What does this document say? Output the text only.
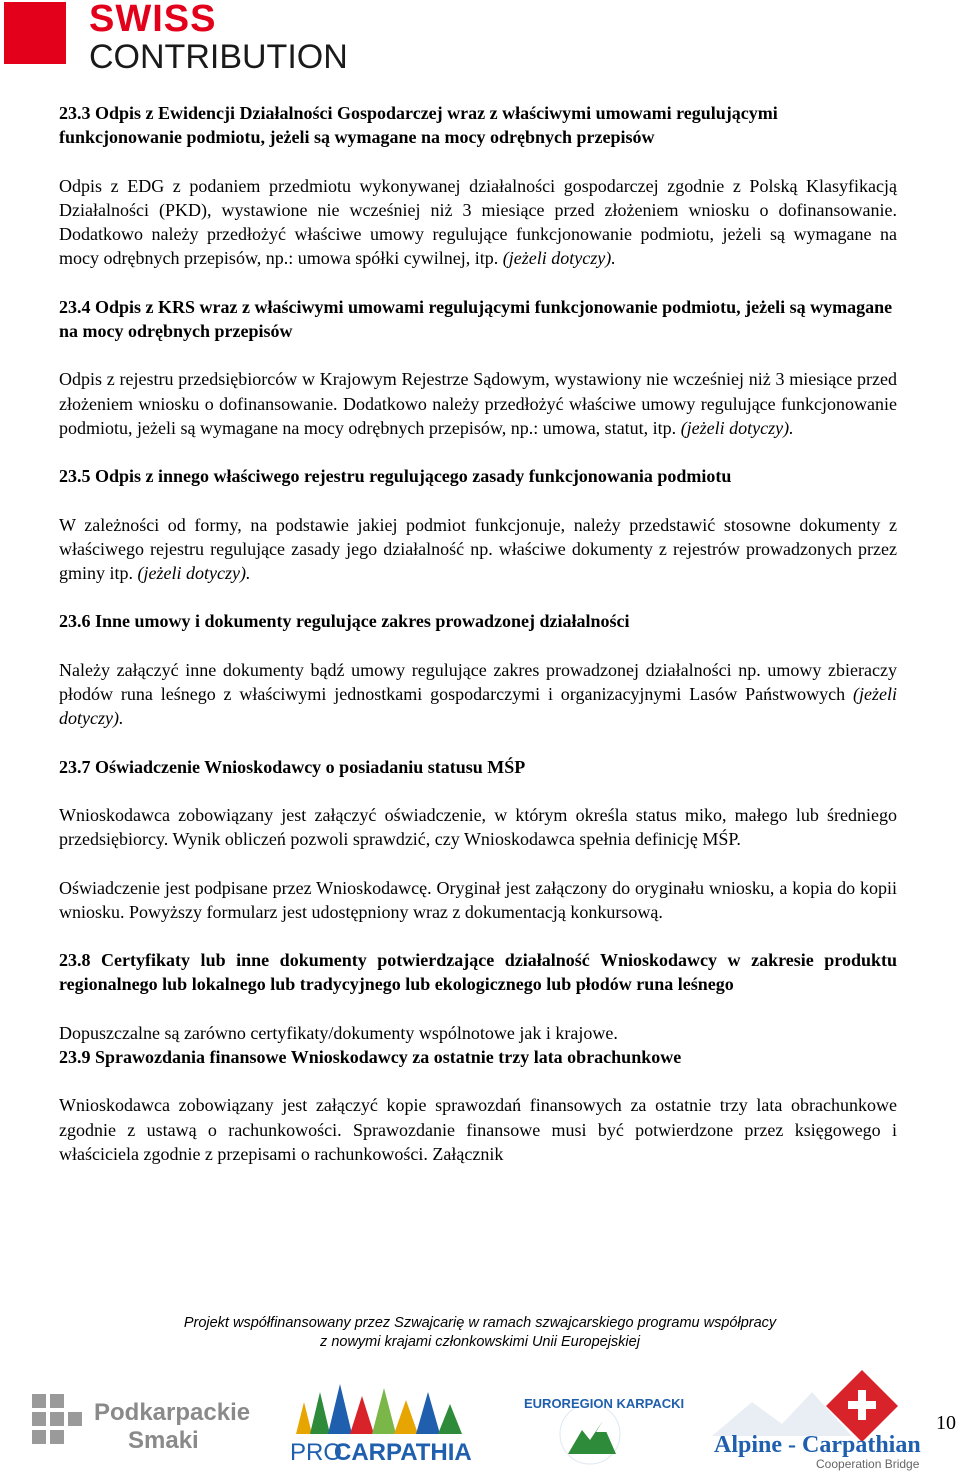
SWISS
CONTRIBUTION

23.3 Odpis z Ewidencji Działalności Gospodarczej wraz z właściwymi umowami regulującymi funkcjonowanie podmiotu, jeżeli są wymagane na mocy odrębnych przepisów

Odpis z EDG z podaniem przedmiotu wykonywanej działalności gospodarczej zgodnie z Polską Klasyfikacją Działalności (PKD), wystawione nie wcześniej niż 3 miesiące przed złożeniem wniosku o dofinansowanie. Dodatkowo należy przedłożyć właściwe umowy regulujące funkcjonowanie podmiotu, jeżeli są wymagane na mocy odrębnych przepisów, np.: umowa spółki cywilnej, itp. (jeżeli dotyczy).

23.4 Odpis z KRS wraz z właściwymi umowami regulującymi funkcjonowanie podmiotu, jeżeli są wymagane na mocy odrębnych przepisów

Odpis z rejestru przedsiębiorców w Krajowym Rejestrze Sądowym, wystawiony nie wcześniej niż 3 miesiące przed złożeniem wniosku o dofinansowanie. Dodatkowo należy przedłożyć właściwe umowy regulujące funkcjonowanie podmiotu, jeżeli są wymagane na mocy odrębnych przepisów, np.: umowa, statut, itp. (jeżeli dotyczy).

23.5 Odpis z innego właściwego rejestru regulującego zasady funkcjonowania podmiotu

W zależności od formy, na podstawie jakiej podmiot funkcjonuje, należy przedstawić stosowne dokumenty z właściwego rejestru regulujące zasady jego działalność np. właściwe dokumenty z rejestrów prowadzonych przez gminy itp. (jeżeli dotyczy).

23.6 Inne umowy i dokumenty regulujące zakres prowadzonej działalności

Należy załączyć inne dokumenty bądź umowy regulujące zakres prowadzonej działalności np. umowy zbieraczy płodów runa leśnego z właściwymi jednostkami gospodarczymi i organizacyjnymi Lasów Państwowych (jeżeli dotyczy).

23.7 Oświadczenie Wnioskodawcy o posiadaniu statusu MŚP

Wnioskodawca zobowiązany jest załączyć oświadczenie, w którym określa status miko, małego lub średniego przedsiębiorcy. Wynik obliczeń pozwoli sprawdzić, czy Wnioskodawca spełnia definicję MŚP.

Oświadczenie jest podpisane przez Wnioskodawcę. Oryginał jest załączony do oryginału wniosku, a kopia do kopii wniosku. Powyższy formularz jest udostępniony wraz z dokumentacją konkursową.

23.8 Certyfikaty lub inne dokumenty potwierdzające działalność Wnioskodawcy w zakresie produktu regionalnego lub lokalnego lub tradycyjnego lub ekologicznego lub płodów runa leśnego

Dopuszczalne są zarówno certyfikaty/dokumenty wspólnotowe jak i krajowe.

23.9 Sprawozdania finansowe Wnioskodawcy za ostatnie trzy lata obrachunkowe

Wnioskodawca zobowiązany jest załączyć kopie sprawozdań finansowych za ostatnie trzy lata obrachunkowe zgodnie z ustawą o rachunkowości. Sprawozdanie finansowe musi być potwierdzone przez księgowego i właściciela zgodnie z przepisami o rachunkowości. Załącznik

Projekt współfinansowany przez Szwajcarię w ramach szwajcarskiego programu współpracy
z nowymi krajami członkowskimi Unii Europejskiej
Podkarpackie
Smaki	PRO
CARPATHIA
EUROREGION KARPACKI
Alpine - Carpathian
Cooperation Bridge
10
